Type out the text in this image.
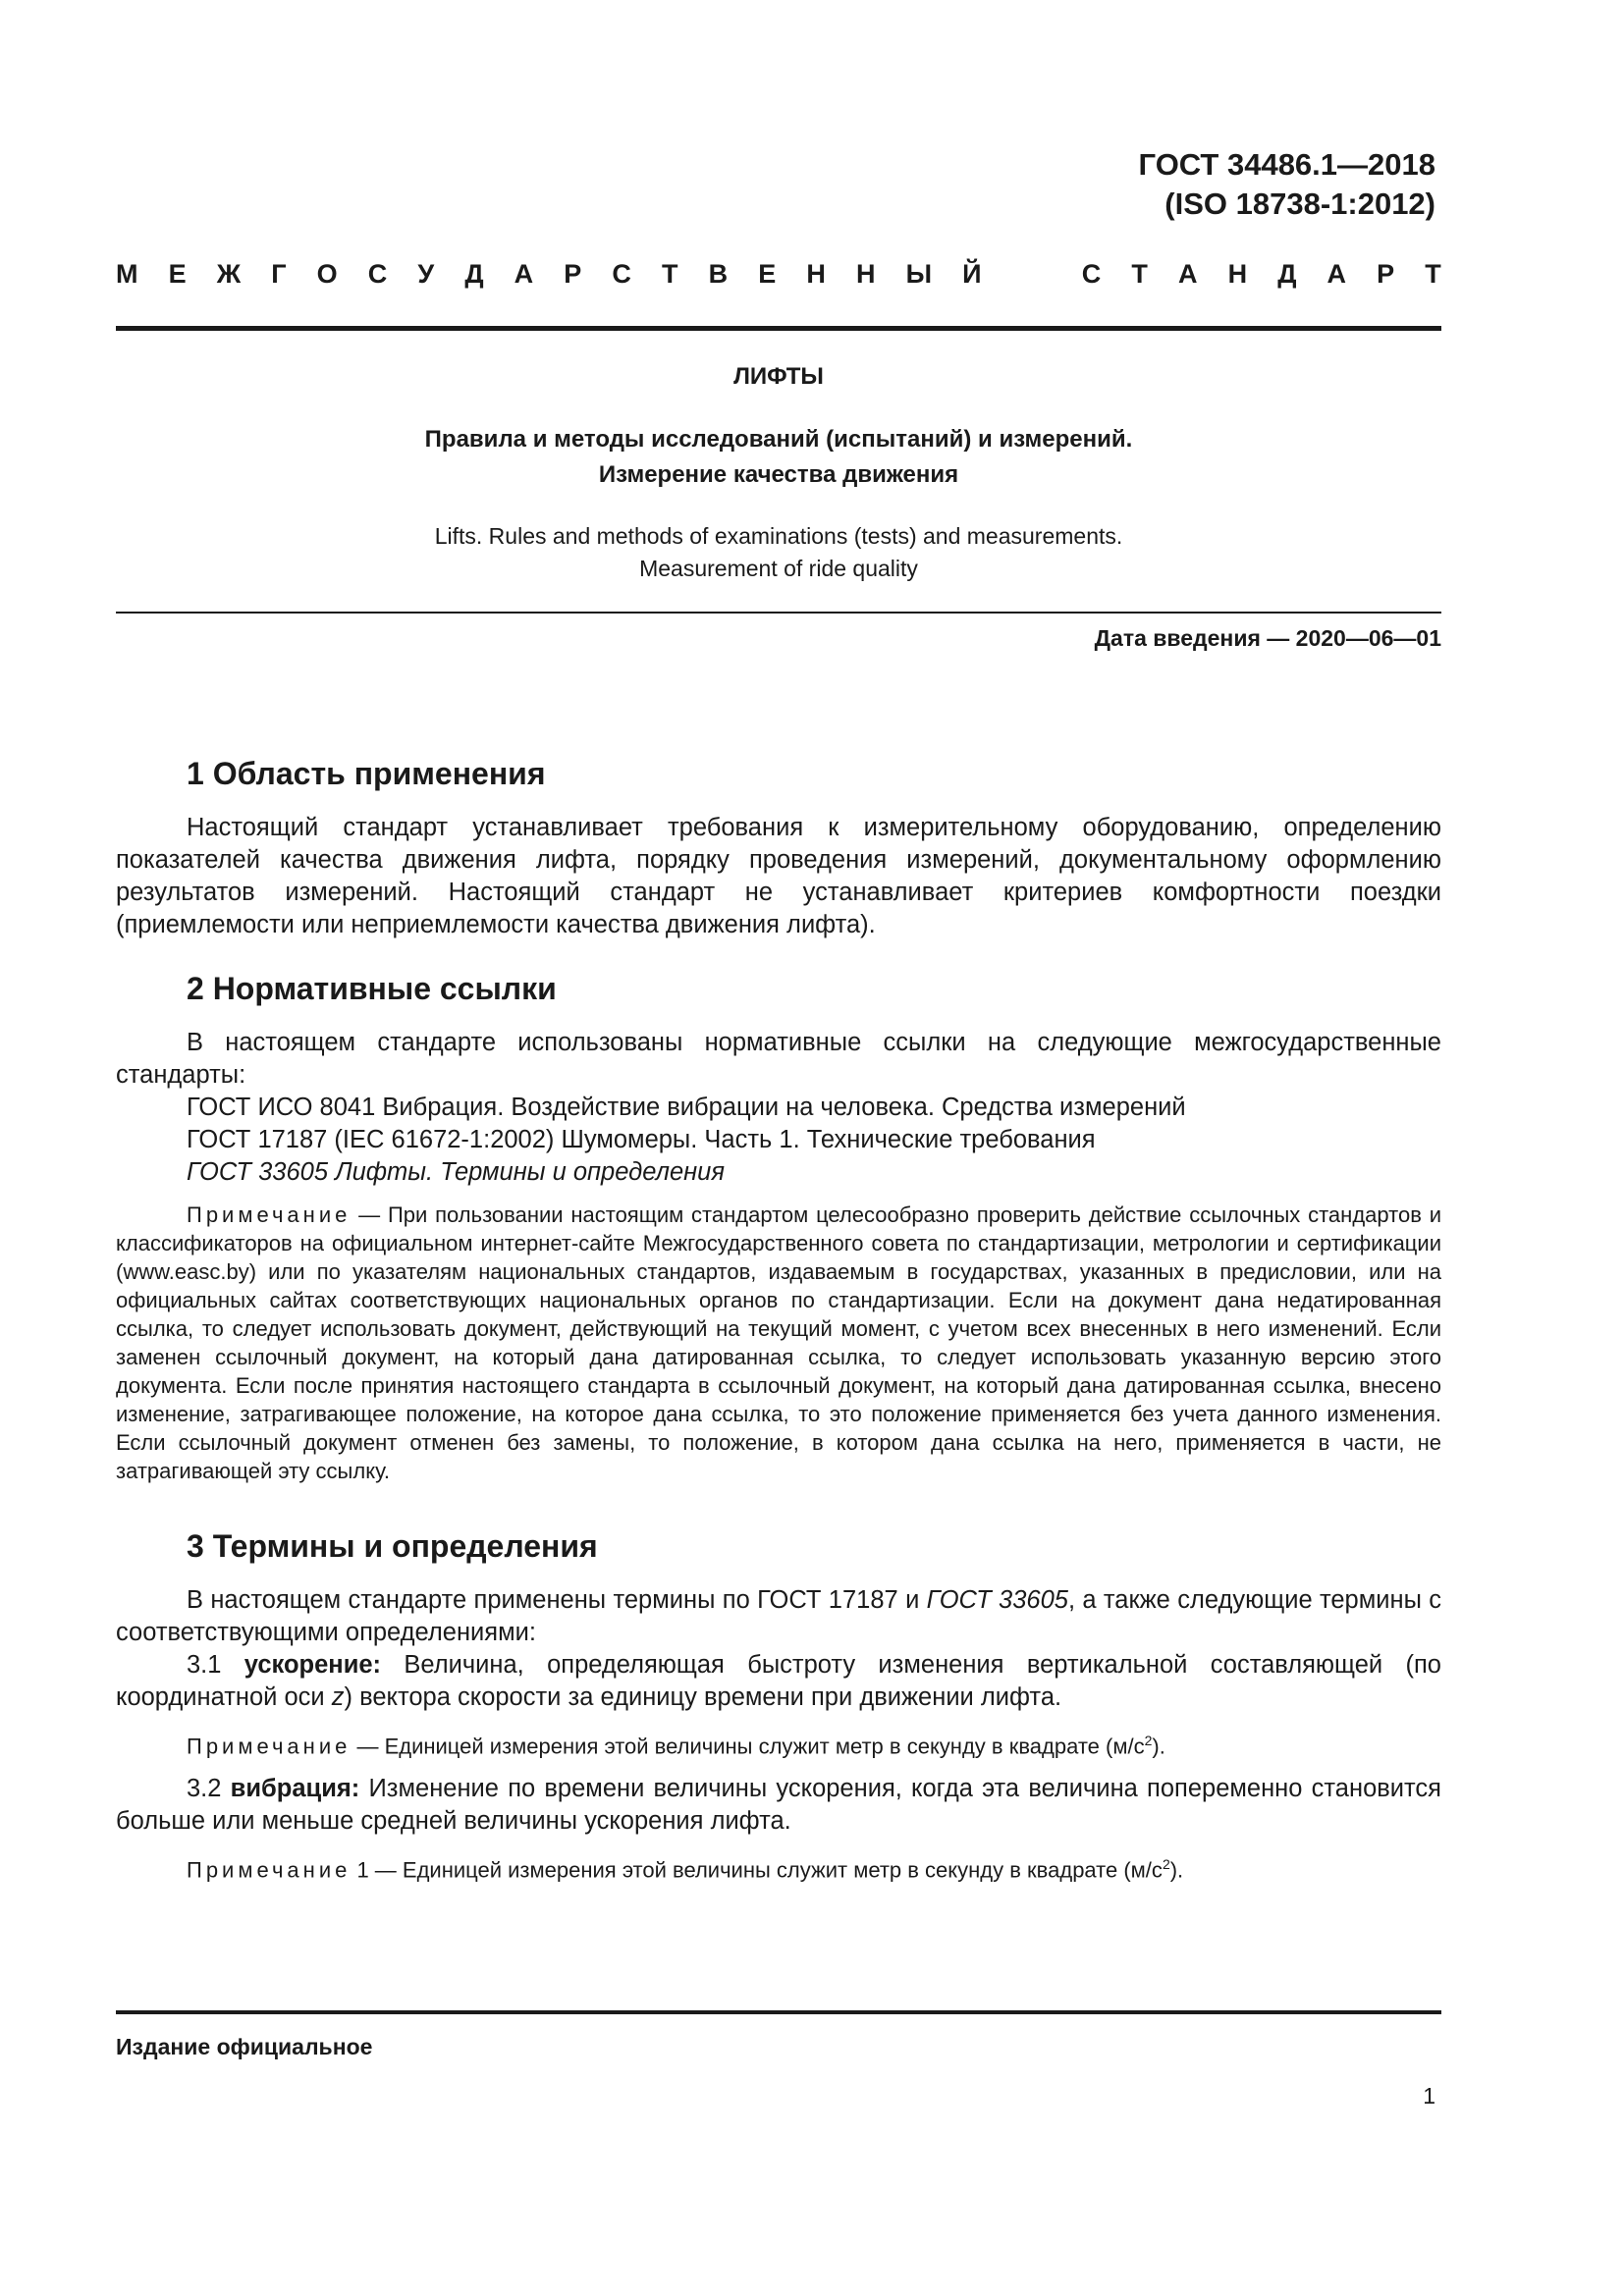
ГОСТ 34486.1—2018
(ISO 18738-1:2012)
М Е Ж Г О С У Д А Р С Т В Е Н Н Ы Й	С Т А Н Д А Р Т
ЛИФТЫ
Правила и методы исследований (испытаний) и измерений.
Измерение качества движения
Lifts. Rules and methods of examinations (tests) and measurements.
Measurement of ride quality
Дата введения — 2020—06—01
1 Область применения

Настоящий стандарт устанавливает требования к измерительному оборудованию, определению показателей качества движения лифта, порядку проведения измерений, документальному оформлению результатов измерений. Настоящий стандарт не устанавливает критериев комфортности поездки (приемлемости или неприемлемости качества движения лифта).

2 Нормативные ссылки

В настоящем стандарте использованы нормативные ссылки на следующие межгосударственные стандарты:

ГОСТ ИСО 8041 Вибрация. Воздействие вибрации на человека. Средства измерений

ГОСТ 17187 (IEC 61672-1:2002) Шумомеры. Часть 1. Технические требования

ГОСТ 33605 Лифты. Термины и определения

Примечание — При пользовании настоящим стандартом целесообразно проверить действие ссылочных стандартов и классификаторов на официальном интернет-сайте Межгосударственного совета по стандартизации, метрологии и сертификации (www.easc.by) или по указателям национальных стандартов, издаваемым в государствах, указанных в предисловии, или на официальных сайтах соответствующих национальных органов по стандартизации. Если на документ дана недатированная ссылка, то следует использовать документ, действующий на текущий момент, с учетом всех внесенных в него изменений. Если заменен ссылочный документ, на который дана датированная ссылка, то следует использовать указанную версию этого документа. Если после принятия настоящего стандарта в ссылочный документ, на который дана датированная ссылка, внесено изменение, затрагивающее положение, на которое дана ссылка, то это положение применяется без учета данного изменения. Если ссылочный документ отменен без замены, то положение, в котором дана ссылка на него, применяется в части, не затрагивающей эту ссылку.

3 Термины и определения

В настоящем стандарте применены термины по ГОСТ 17187 и ГОСТ 33605, а также следующие термины с соответствующими определениями:

3.1 ускорение: Величина, определяющая быстроту изменения вертикальной составляющей (по координатной оси z) вектора скорости за единицу времени при движении лифта.

Примечание — Единицей измерения этой величины служит метр в секунду в квадрате $(м/с^2)$.

3.2 вибрация: Изменение по времени величины ускорения, когда эта величина попеременно становится больше или меньше средней величины ускорения лифта.

Примечание 1 — Единицей измерения этой величины служит метр в секунду в квадрате $(м/с^2)$.

Издание официальное
1
